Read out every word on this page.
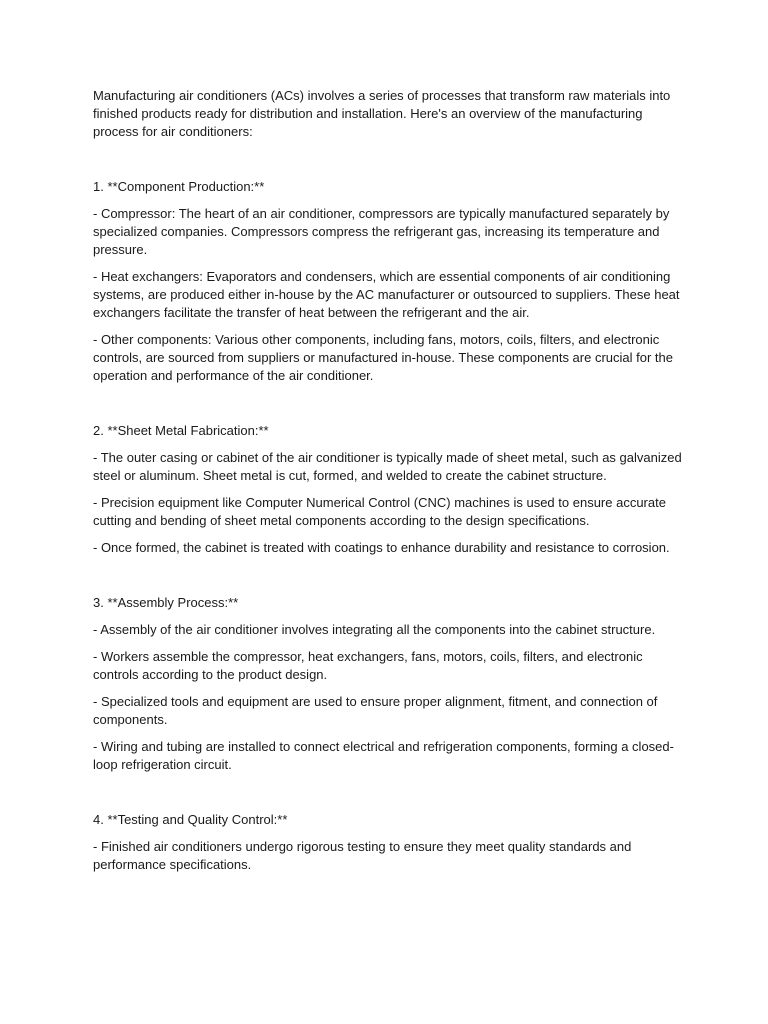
Manufacturing air conditioners (ACs) involves a series of processes that transform raw materials into finished products ready for distribution and installation. Here's an overview of the manufacturing process for air conditioners:

1. **Component Production:**

- Compressor: The heart of an air conditioner, compressors are typically manufactured separately by specialized companies. Compressors compress the refrigerant gas, increasing its temperature and pressure.

- Heat exchangers: Evaporators and condensers, which are essential components of air conditioning systems, are produced either in-house by the AC manufacturer or outsourced to suppliers. These heat exchangers facilitate the transfer of heat between the refrigerant and the air.

- Other components: Various other components, including fans, motors, coils, filters, and electronic controls, are sourced from suppliers or manufactured in-house. These components are crucial for the operation and performance of the air conditioner.

2. **Sheet Metal Fabrication:**

- The outer casing or cabinet of the air conditioner is typically made of sheet metal, such as galvanized steel or aluminum. Sheet metal is cut, formed, and welded to create the cabinet structure.

- Precision equipment like Computer Numerical Control (CNC) machines is used to ensure accurate cutting and bending of sheet metal components according to the design specifications.

- Once formed, the cabinet is treated with coatings to enhance durability and resistance to corrosion.

3. **Assembly Process:**

- Assembly of the air conditioner involves integrating all the components into the cabinet structure.

- Workers assemble the compressor, heat exchangers, fans, motors, coils, filters, and electronic controls according to the product design.

- Specialized tools and equipment are used to ensure proper alignment, fitment, and connection of components.

- Wiring and tubing are installed to connect electrical and refrigeration components, forming a closed-loop refrigeration circuit.

4. **Testing and Quality Control:**

- Finished air conditioners undergo rigorous testing to ensure they meet quality standards and performance specifications.
